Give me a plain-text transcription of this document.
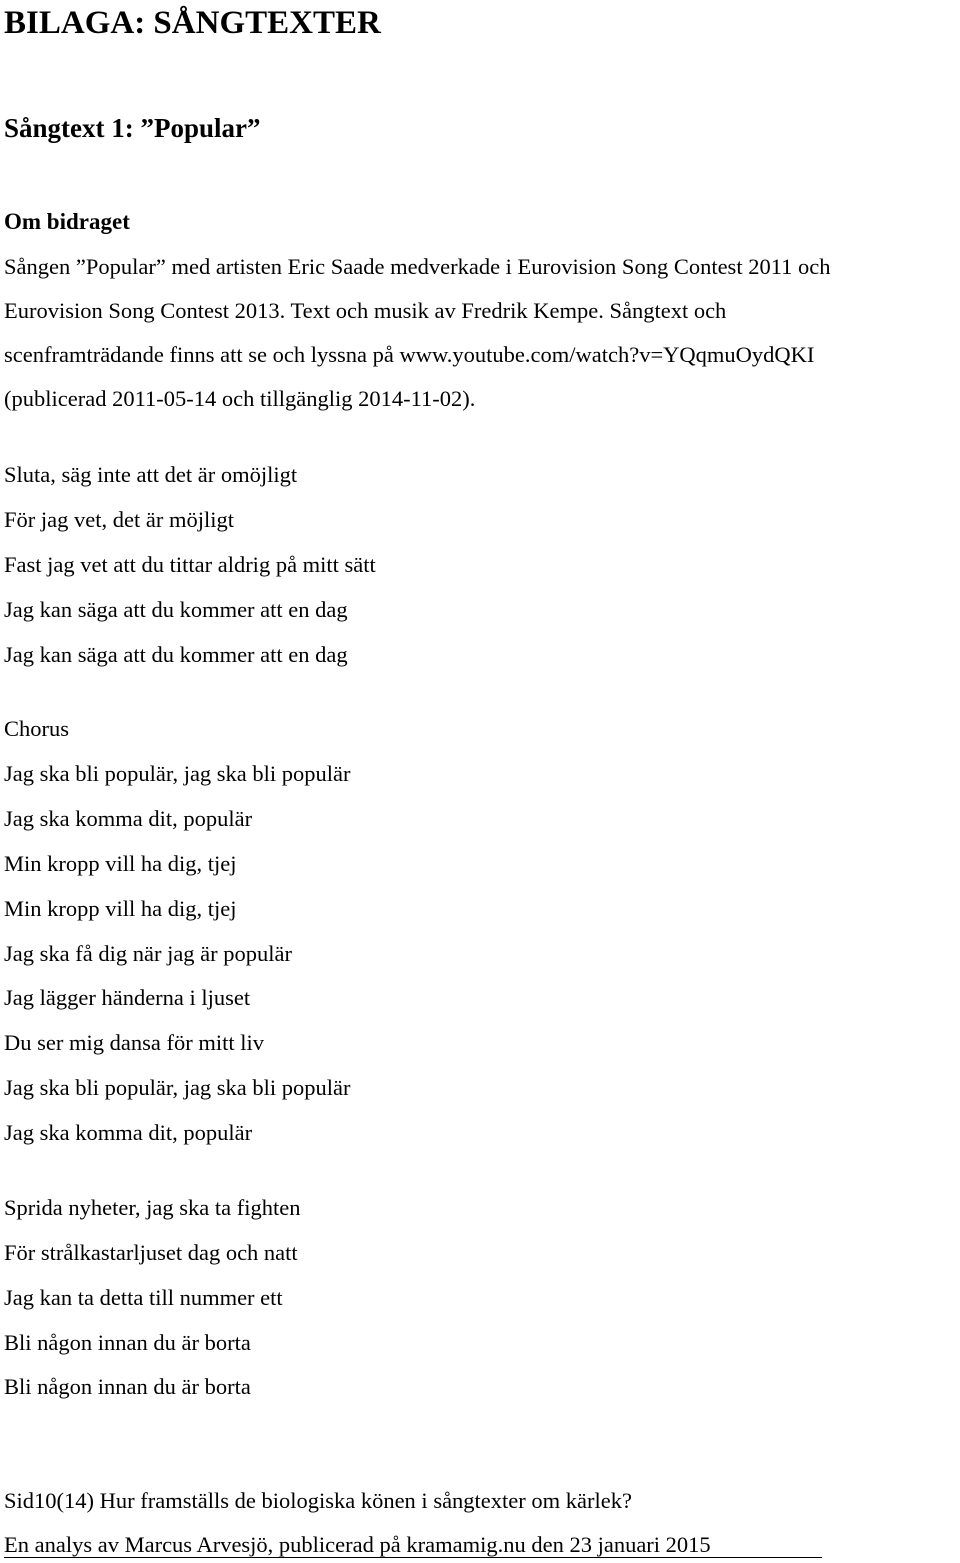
BILAGA: SÅNGTEXTER
Sångtext 1: ”Popular”
Om bidraget
Sången ”Popular” med artisten Eric Saade medverkade i Eurovision Song Contest 2011 och
Eurovision Song Contest 2013. Text och musik av Fredrik Kempe. Sångtext och
scenframträdande finns att se och lyssna på www.youtube.com/watch?v=YQqmuOydQKI
(publicerad 2011-05-14 och tillgänglig 2014-11-02).
Sluta, säg inte att det är omöjligt
För jag vet, det är möjligt
Fast jag vet att du tittar aldrig på mitt sätt
Jag kan säga att du kommer att en dag
Jag kan säga att du kommer att en dag
Chorus
Jag ska bli populär, jag ska bli populär
Jag ska komma dit, populär
Min kropp vill ha dig, tjej
Min kropp vill ha dig, tjej
Jag ska få dig när jag är populär
Jag lägger händerna i ljuset
Du ser mig dansa för mitt liv
Jag ska bli populär, jag ska bli populär
Jag ska komma dit, populär
Sprida nyheter, jag ska ta fighten
För strålkastarljuset dag och natt
Jag kan ta detta till nummer ett
Bli någon innan du är borta
Bli någon innan du är borta
Sid10(14) Hur framställs de biologiska könen i sångtexter om kärlek?
En analys av Marcus Arvesjö, publicerad på kramamig.nu den 23 januari 2015
